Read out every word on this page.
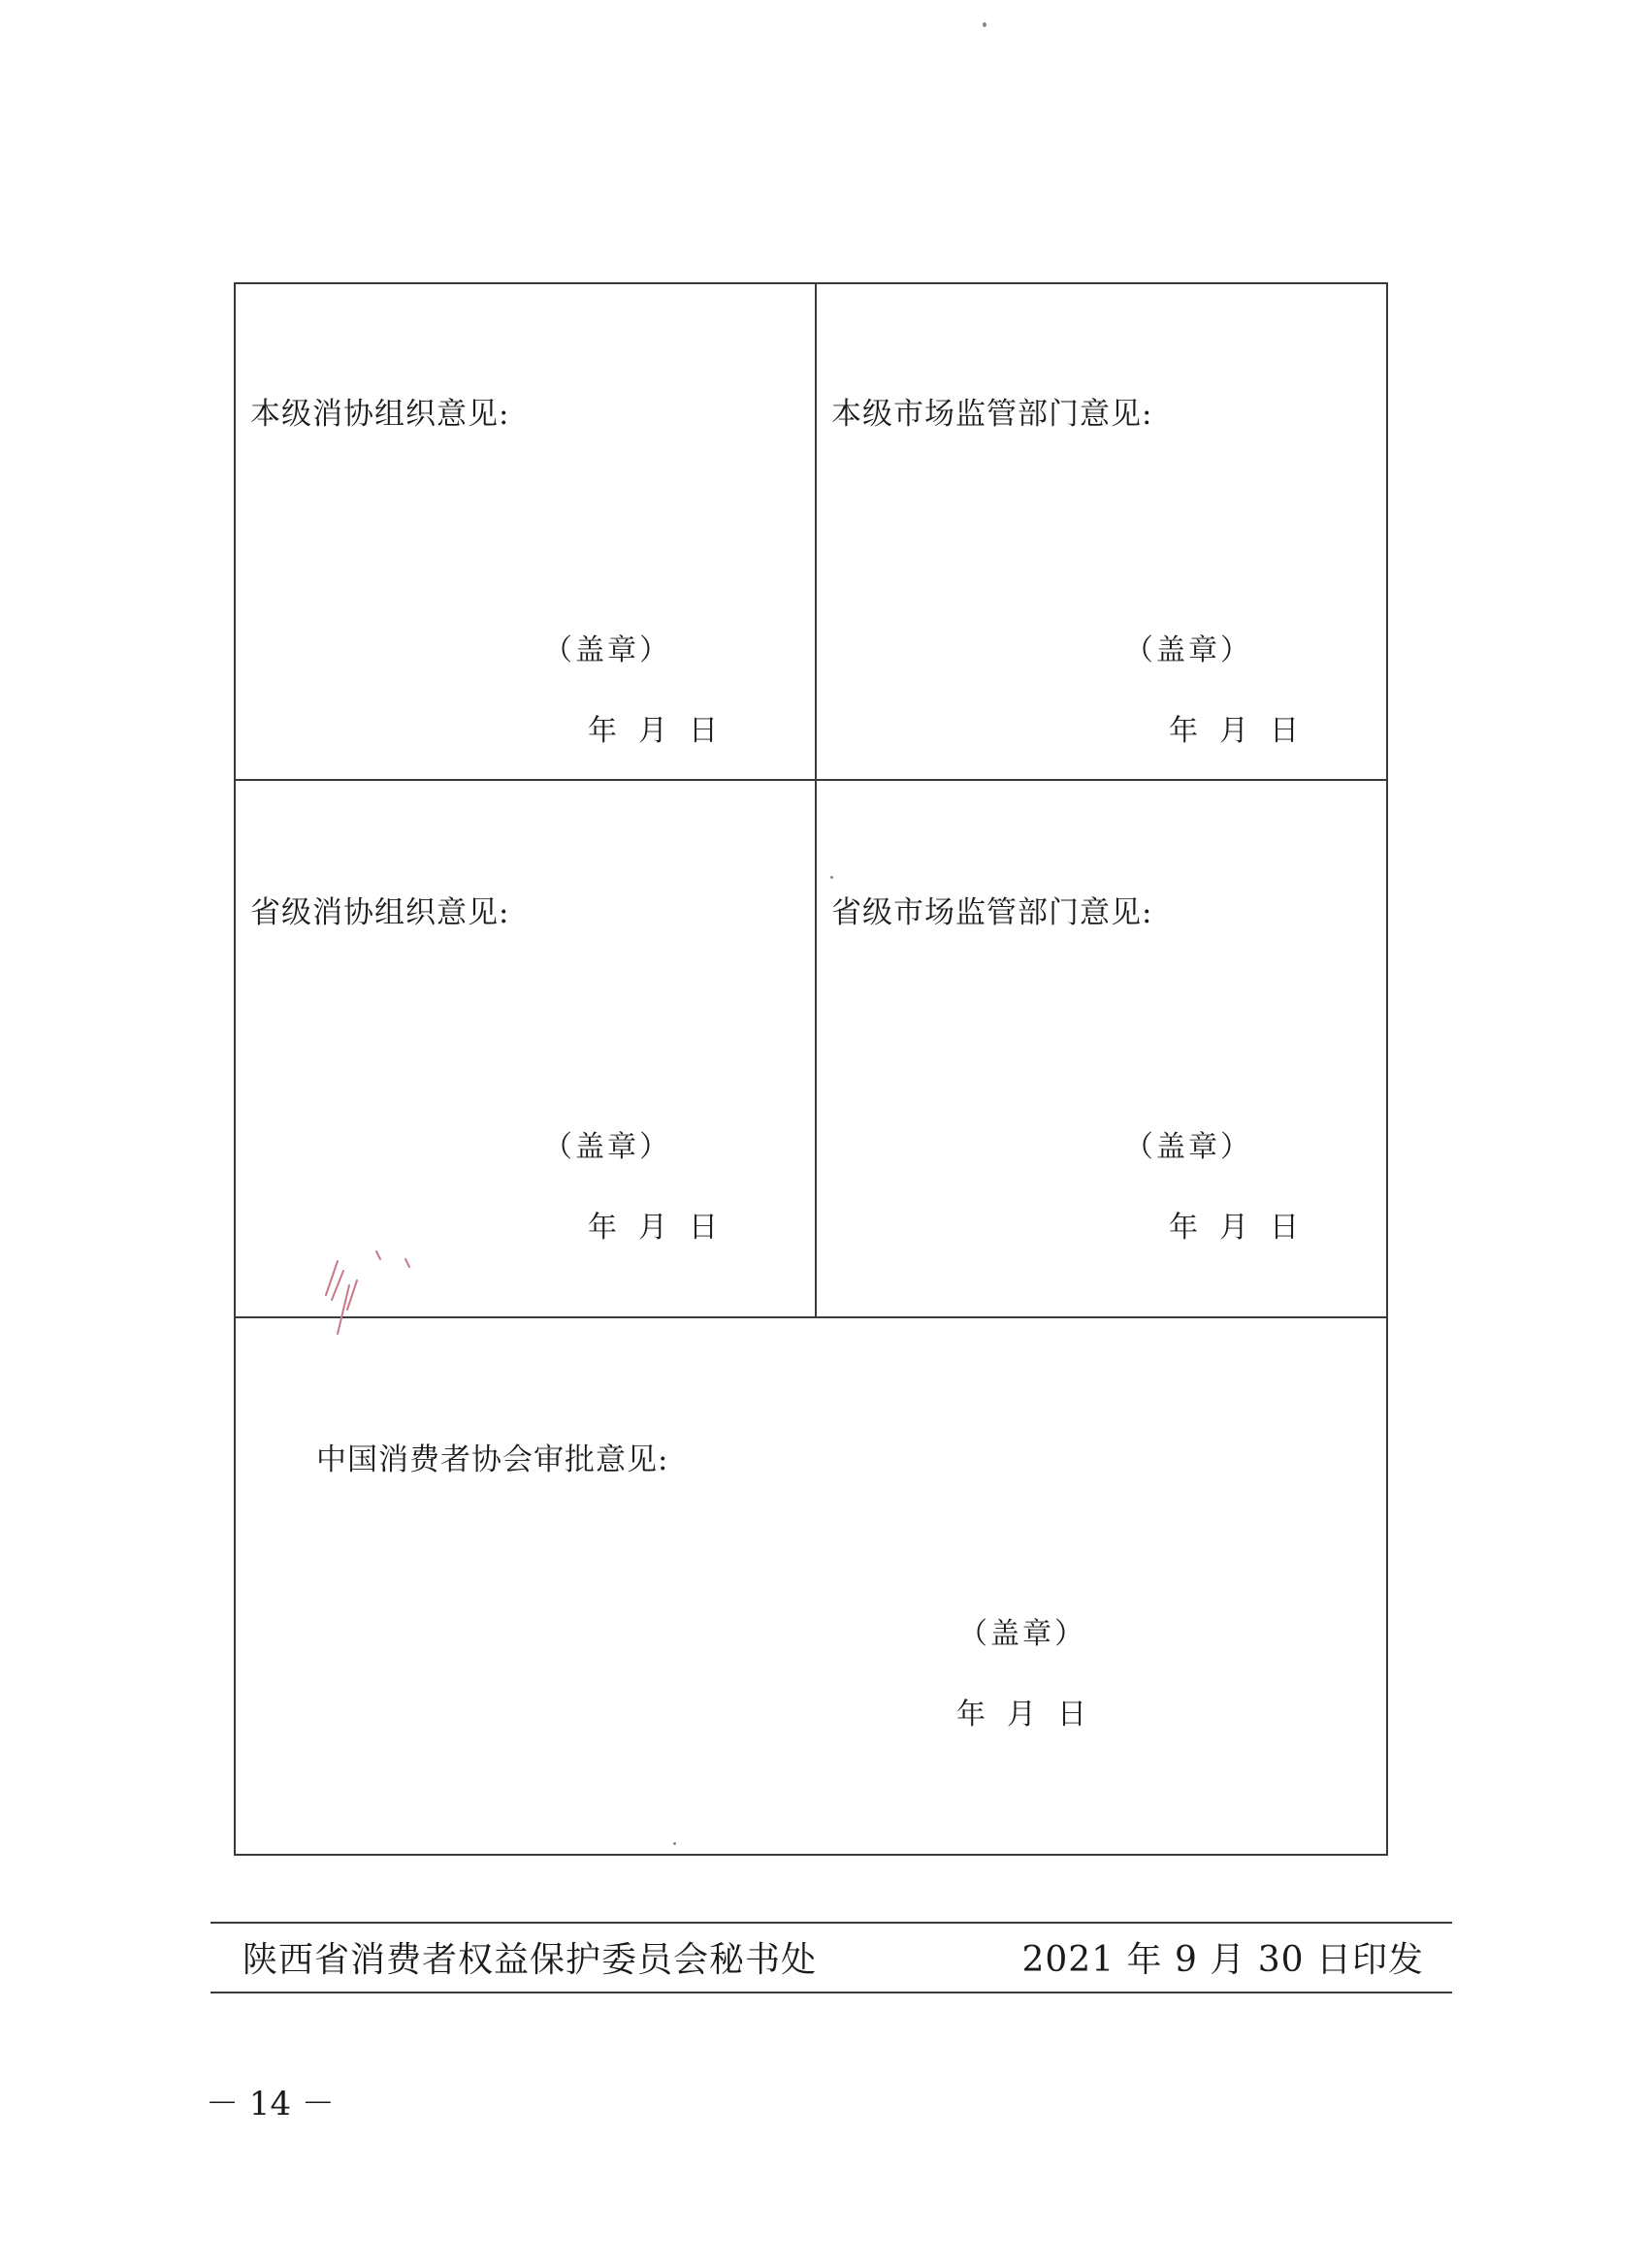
本级消协组织意见:
（盖章）
年月日
本级市场监管部门意见:
（盖章）
年月日
省级消协组织意见:
（盖章）
年月日
省级市场监管部门意见:
（盖章）
年月日
中国消费者协会审批意见:
（盖章）
年月日
陕西省消费者权益保护委员会秘书处	2021 年 9 月 30 日印发
－ 14 －
